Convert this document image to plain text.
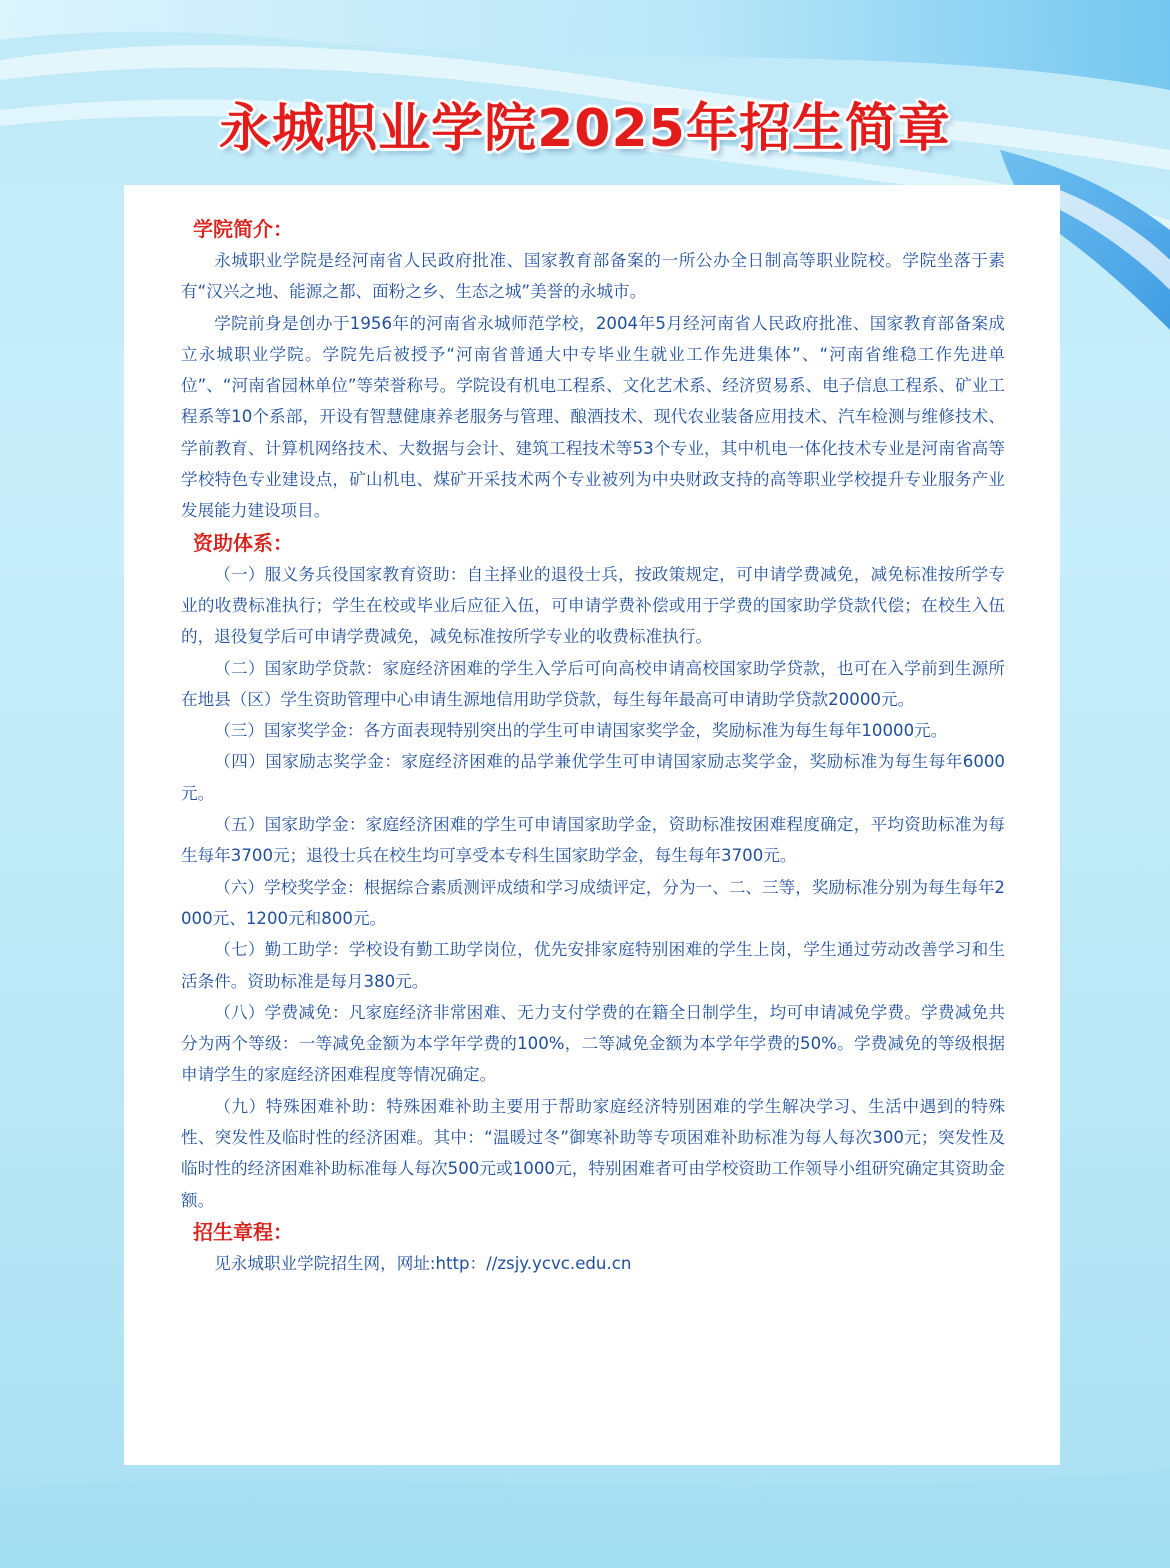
永城职业学院2025年招生简章
学院简介：

永城职业学院是经河南省人民政府批准、国家教育部备案的一所公办全日制高等职业院校。学院坐落于素有“汉兴之地、能源之都、面粉之乡、生态之城”美誉的永城市。

学院前身是创办于1956年的河南省永城师范学校，2004年5月经河南省人民政府批准、国家教育部备案成立永城职业学院。学院先后被授予“河南省普通大中专毕业生就业工作先进集体”、“河南省维稳工作先进单位”、“河南省园林单位”等荣誉称号。学院设有机电工程系、文化艺术系、经济贸易系、电子信息工程系、矿业工程系等10个系部，开设有智慧健康养老服务与管理、酿酒技术、现代农业装备应用技术、汽车检测与维修技术、学前教育、计算机网络技术、大数据与会计、建筑工程技术等53个专业，其中机电一体化技术专业是河南省高等学校特色专业建设点，矿山机电、煤矿开采技术两个专业被列为中央财政支持的高等职业学校提升专业服务产业发展能力建设项目。

资助体系：

（一）服义务兵役国家教育资助：自主择业的退役士兵，按政策规定，可申请学费减免，减免标准按所学专业的收费标准执行；学生在校或毕业后应征入伍，可申请学费补偿或用于学费的国家助学贷款代偿；在校生入伍的，退役复学后可申请学费减免，减免标准按所学专业的收费标准执行。

（二）国家助学贷款：家庭经济困难的学生入学后可向高校申请高校国家助学贷款，也可在入学前到生源所在地县（区）学生资助管理中心申请生源地信用助学贷款，每生每年最高可申请助学贷款20000元。

（三）国家奖学金：各方面表现特别突出的学生可申请国家奖学金，奖励标准为每生每年10000元。

（四）国家励志奖学金：家庭经济困难的品学兼优学生可申请国家励志奖学金，奖励标准为每生每年6000元。

（五）国家助学金：家庭经济困难的学生可申请国家助学金，资助标准按困难程度确定，平均资助标准为每生每年3700元；退役士兵在校生均可享受本专科生国家助学金，每生每年3700元。

（六）学校奖学金：根据综合素质测评成绩和学习成绩评定，分为一、二、三等，奖励标准分别为每生每年2000元、1200元和800元。

（七）勤工助学：学校设有勤工助学岗位，优先安排家庭特别困难的学生上岗，学生通过劳动改善学习和生活条件。资助标准是每月380元。

（八）学费减免：凡家庭经济非常困难、无力支付学费的在籍全日制学生，均可申请减免学费。学费减免共分为两个等级：一等减免金额为本学年学费的100%，二等减免金额为本学年学费的50%。学费减免的等级根据申请学生的家庭经济困难程度等情况确定。

（九）特殊困难补助：特殊困难补助主要用于帮助家庭经济特别困难的学生解决学习、生活中遇到的特殊性、突发性及临时性的经济困难。其中：“温暖过冬”御寒补助等专项困难补助标准为每人每次300元；突发性及临时性的经济困难补助标准每人每次500元或1000元，特别困难者可由学校资助工作领导小组研究确定其资助金额。

招生章程：

见永城职业学院招生网，网址:http：//zsjy.ycvc.edu.cn
